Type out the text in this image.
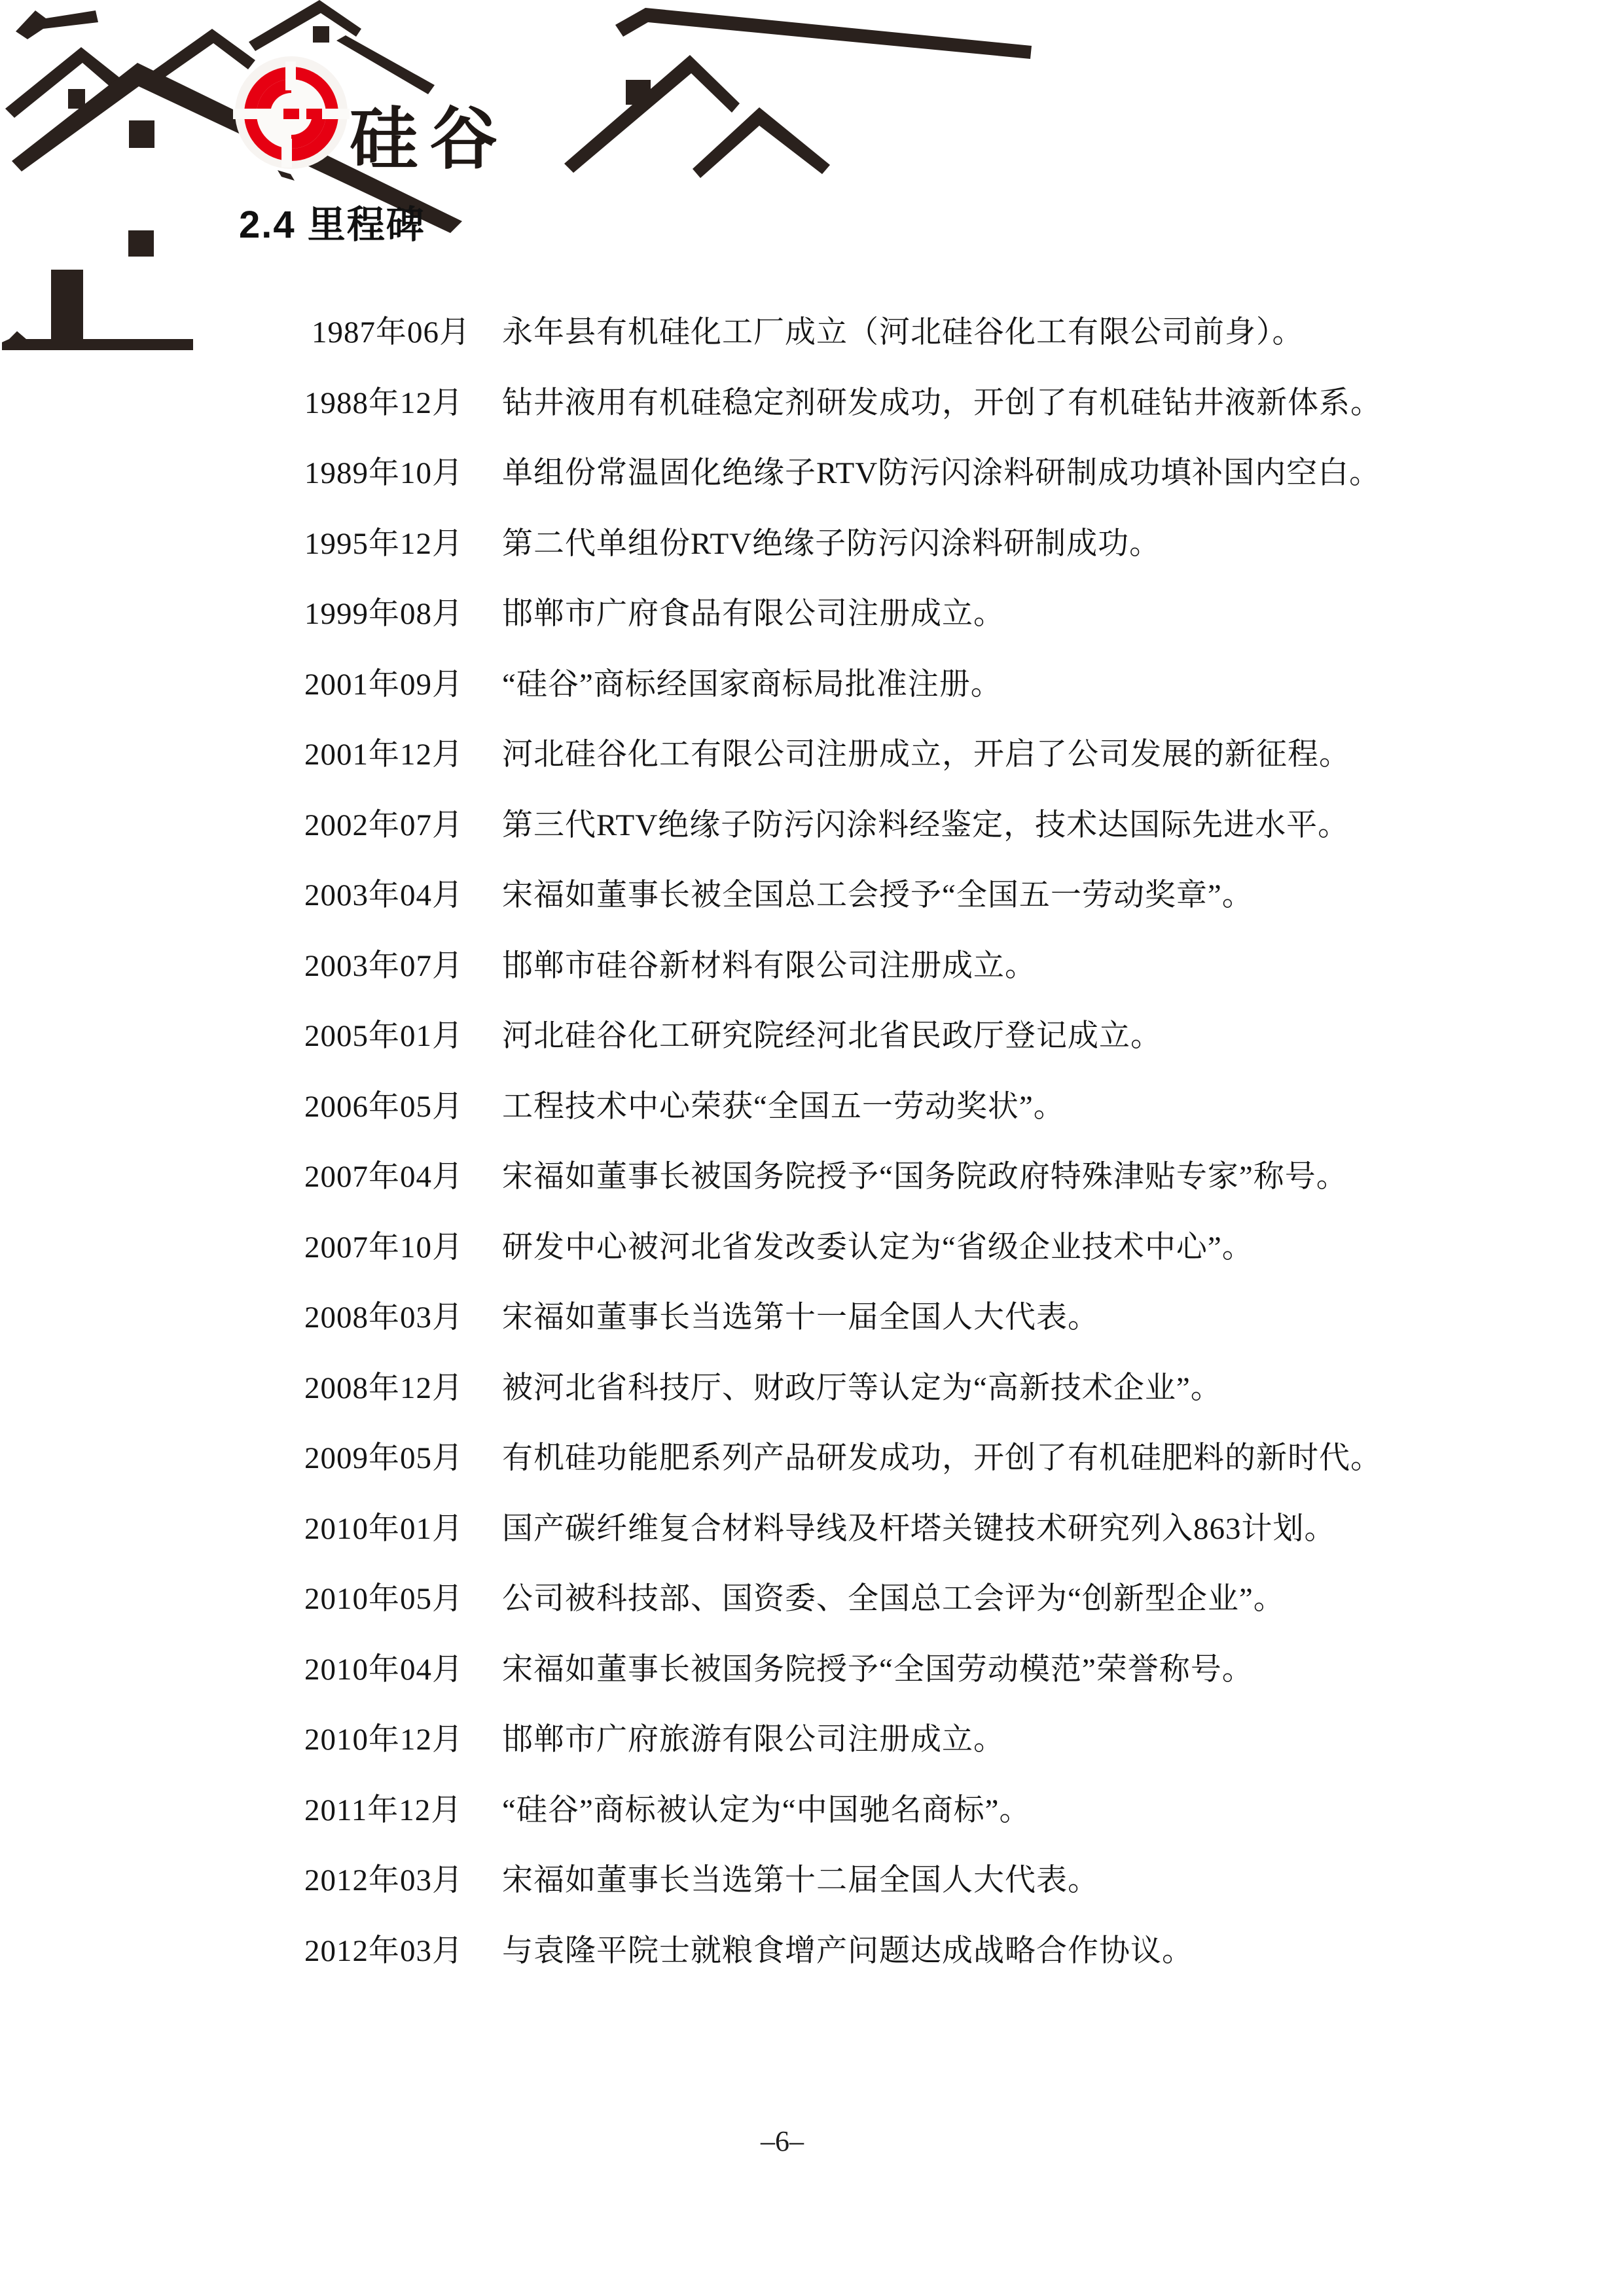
硅谷
2.4 里程碑
1987年06月 永年县有机硅化工厂成立（河北硅谷化工有限公司前身）。
1988年12月 钻井液用有机硅稳定剂研发成功，开创了有机硅钻井液新体系。
1989年10月 单组份常温固化绝缘子RTV防污闪涂料研制成功填补国内空白。
1995年12月 第二代单组份RTV绝缘子防污闪涂料研制成功。
1999年08月 邯郸市广府食品有限公司注册成立。
2001年09月 “硅谷”商标经国家商标局批准注册。
2001年12月 河北硅谷化工有限公司注册成立，开启了公司发展的新征程。
2002年07月 第三代RTV绝缘子防污闪涂料经鉴定，技术达国际先进水平。
2003年04月 宋福如董事长被全国总工会授予“全国五一劳动奖章”。
2003年07月 邯郸市硅谷新材料有限公司注册成立。
2005年01月 河北硅谷化工研究院经河北省民政厅登记成立。
2006年05月 工程技术中心荣获“全国五一劳动奖状”。
2007年04月 宋福如董事长被国务院授予“国务院政府特殊津贴专家”称号。
2007年10月 研发中心被河北省发改委认定为“省级企业技术中心”。
2008年03月 宋福如董事长当选第十一届全国人大代表。
2008年12月 被河北省科技厅、财政厅等认定为“高新技术企业”。
2009年05月 有机硅功能肥系列产品研发成功，开创了有机硅肥料的新时代。
2010年01月 国产碳纤维复合材料导线及杆塔关键技术研究列入863计划。
2010年05月 公司被科技部、国资委、全国总工会评为“创新型企业”。
2010年04月 宋福如董事长被国务院授予“全国劳动模范”荣誉称号。
2010年12月 邯郸市广府旅游有限公司注册成立。
2011年12月 “硅谷”商标被认定为“中国驰名商标”。
2012年03月 宋福如董事长当选第十二届全国人大代表。
2012年03月 与袁隆平院士就粮食增产问题达成战略合作协议。
–6–
